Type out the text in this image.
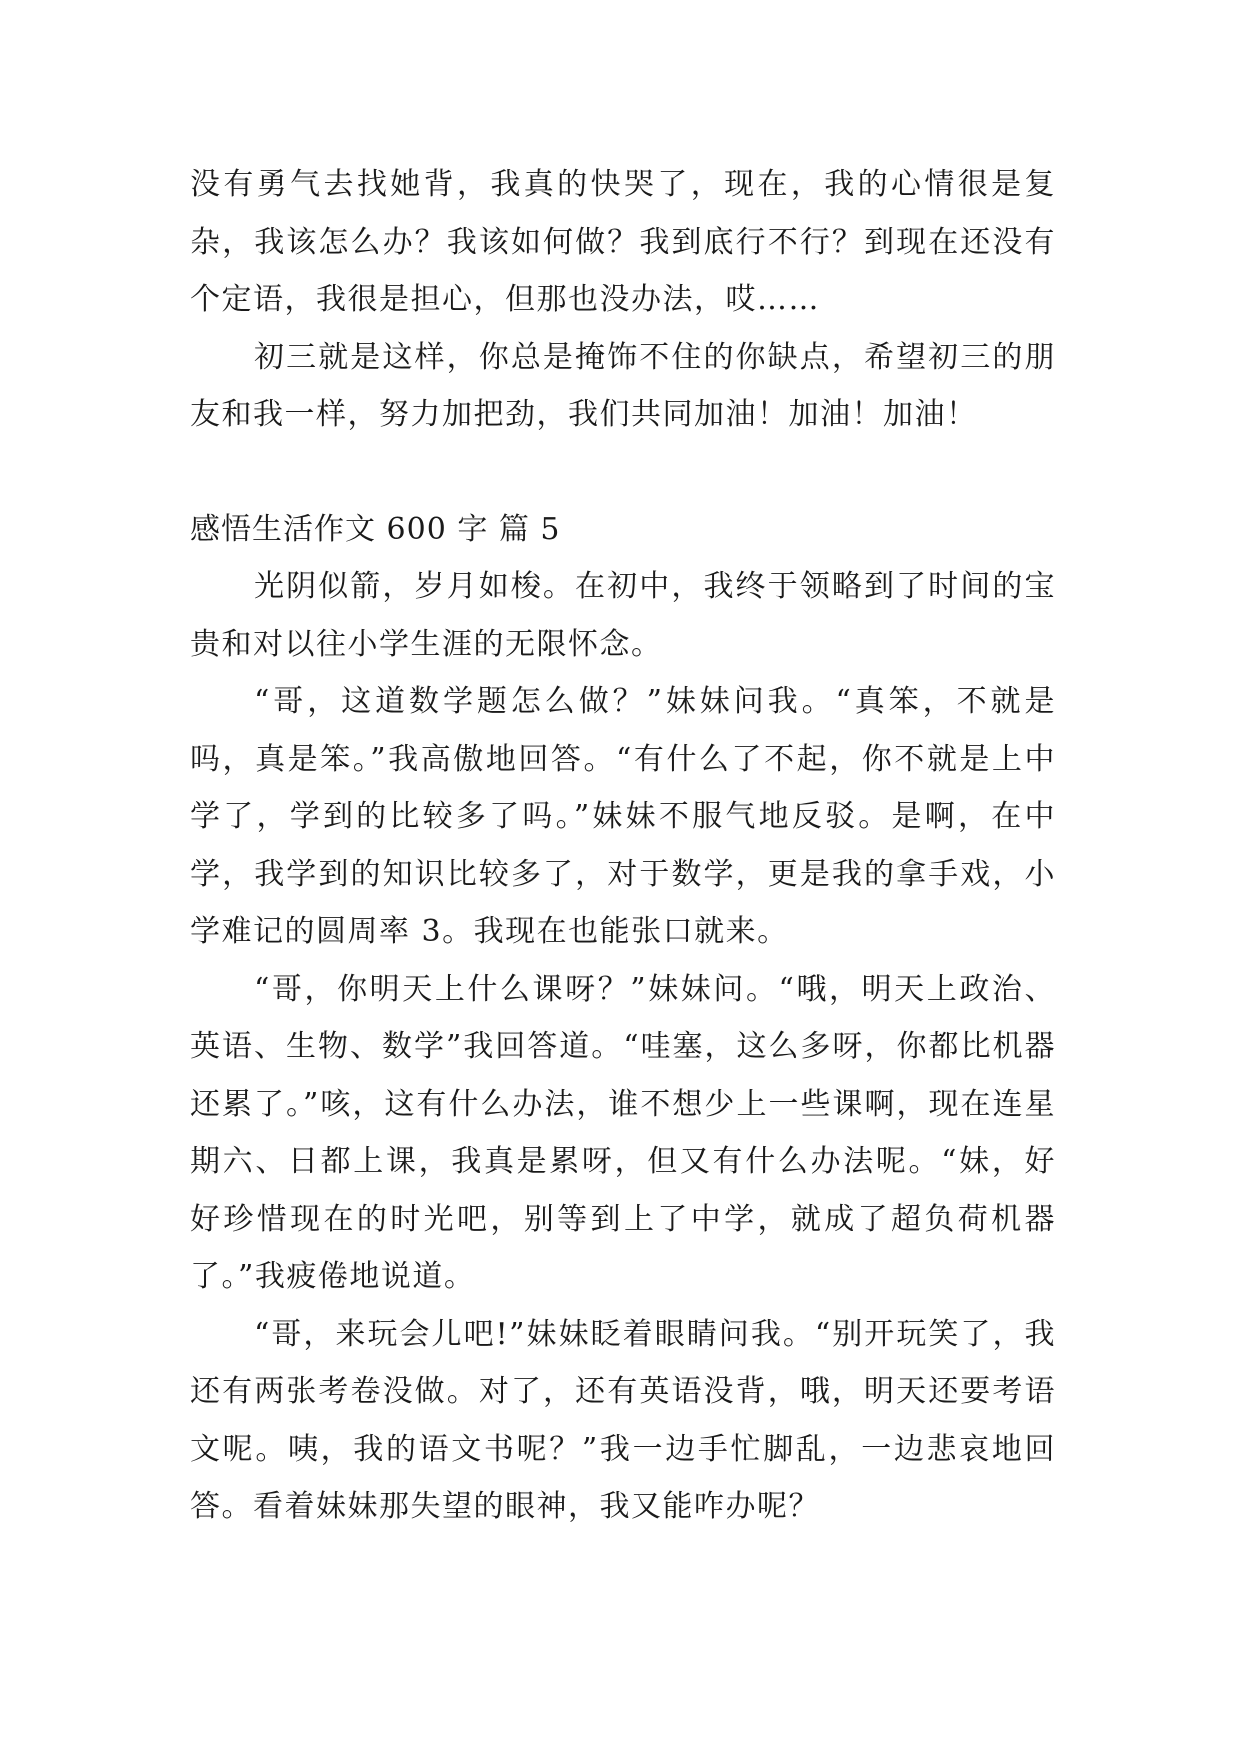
没有勇气去找她背，我真的快哭了，现在，我的心情很是复杂，我该怎么办？我该如何做？我到底行不行？到现在还没有个定语，我很是担心，但那也没办法，哎……

初三就是这样，你总是掩饰不住的你缺点，希望初三的朋友和我一样，努力加把劲，我们共同加油！加油！加油！

感悟生活作文 600 字 篇 5

光阴似箭，岁月如梭。在初中，我终于领略到了时间的宝贵和对以往小学生涯的无限怀念。

“哥，这道数学题怎么做？”妹妹问我。“真笨，不就是吗，真是笨。”我高傲地回答。“有什么了不起，你不就是上中学了，学到的比较多了吗。”妹妹不服气地反驳。是啊，在中学，我学到的知识比较多了，对于数学，更是我的拿手戏，小学难记的圆周率 3。我现在也能张口就来。

“哥，你明天上什么课呀？”妹妹问。“哦，明天上政治、英语、生物、数学”我回答道。“哇塞，这么多呀，你都比机器还累了。”咳，这有什么办法，谁不想少上一些课啊，现在连星期六、日都上课，我真是累呀，但又有什么办法呢。“妹，好好珍惜现在的时光吧，别等到上了中学，就成了超负荷机器了。”我疲倦地说道。

“哥，来玩会儿吧!”妹妹眨着眼睛问我。“别开玩笑了，我还有两张考卷没做。对了，还有英语没背，哦，明天还要考语文呢。咦，我的语文书呢？”我一边手忙脚乱，一边悲哀地回答。看着妹妹那失望的眼神，我又能咋办呢？
